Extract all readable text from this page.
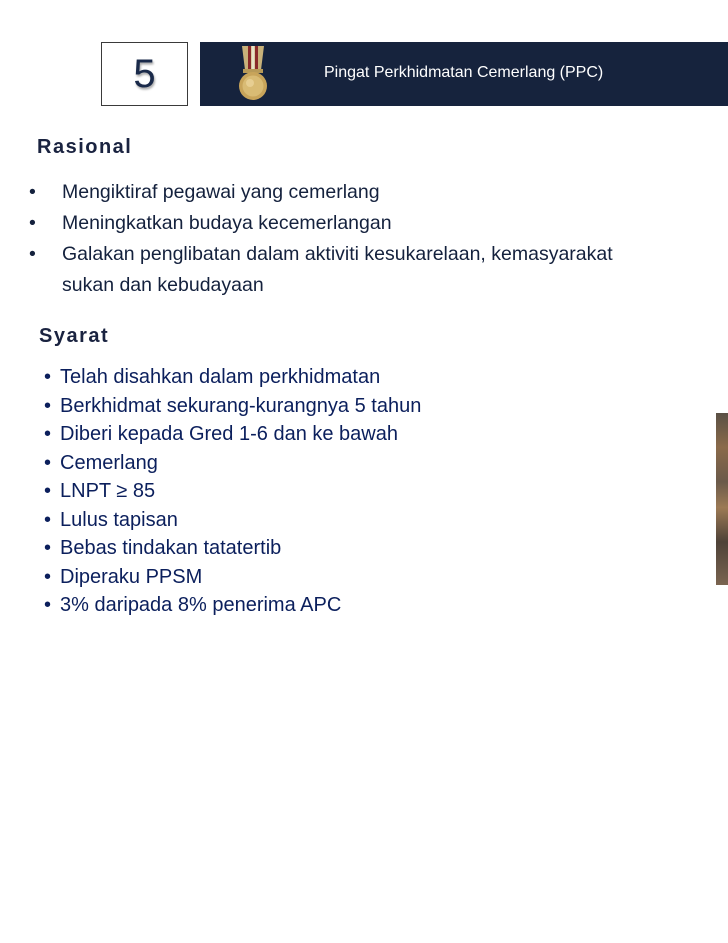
5	Pingat Perkhidmatan Cemerlang (PPC)
Rasional
• Mengiktiraf pegawai yang cemerlang
• Meningkatkan budaya kecemerlangan
• Galakan penglibatan dalam aktiviti kesukarelaan, kemasyarakat
sukan dan kebudayaan
Syarat
• Telah disahkan dalam perkhidmatan
• Berkhidmat sekurang-kurangnya 5 tahun
• Diberi kepada Gred 1-6 dan ke bawah
• Cemerlang
• LNPT ≥ 85
• Lulus tapisan
• Bebas tindakan tatatertib
• Diperaku PPSM
• 3% daripada 8% penerima APC
